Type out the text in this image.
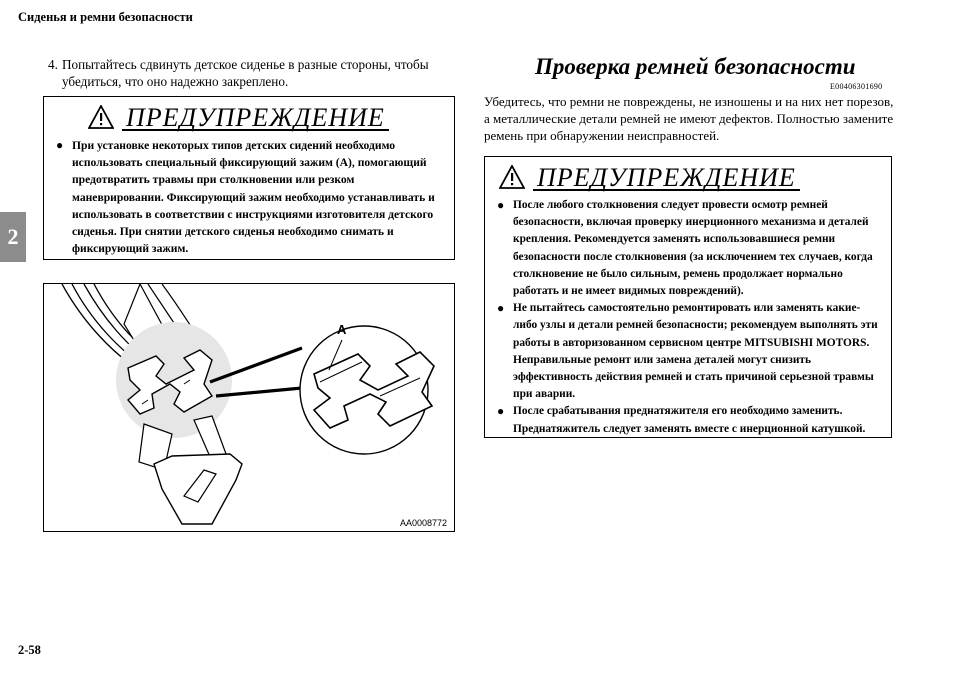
Сиденья и ремни безопасности
2
2-58
4. Попытайтесь сдвинуть детское сиденье в разные стороны, чтобы убедиться, что оно надежно закреплено.
ПРЕДУПРЕЖДЕНИЕ
● При установке некоторых типов детских сидений необходимо использовать специальный фиксирующий зажим (A), помогающий предотвратить травмы при столкновении или резком маневрировании. Фиксирующий зажим необходимо устанавливать и использовать в соответствии с инструкциями изготовителя детского сиденья. При снятии детского сиденья необходимо снимать и фиксирующий зажим.
A
AA0008772
Проверка ремней безопасности
E00406301690
Убедитесь, что ремни не повреждены, не изношены и на них нет порезов, а металлические детали ремней не имеют дефектов. Полностью замените ремень при обнаружении неисправностей.
ПРЕДУПРЕЖДЕНИЕ
● После любого столкновения следует провести осмотр ремней безопасности, включая проверку инерционного механизма и деталей крепления. Рекомендуется заменять использовавшиеся ремни безопасности после столкновения (за исключением тех случаев, когда столкновение не было сильным, ремень продолжает нормально работать и не имеет видимых повреждений).
● Не пытайтесь самостоятельно ремонтировать или заменять какие-либо узлы и детали ремней безопасности; рекомендуем выполнять эти работы в авторизованном сервисном центре MITSUBISHI MOTORS. Неправильные ремонт или замена деталей могут снизить эффективность действия ремней и стать причиной серьезной травмы при аварии.
● После срабатывания преднатяжителя его необходимо заменить. Преднатяжитель следует заменять вместе с инерционной катушкой.
